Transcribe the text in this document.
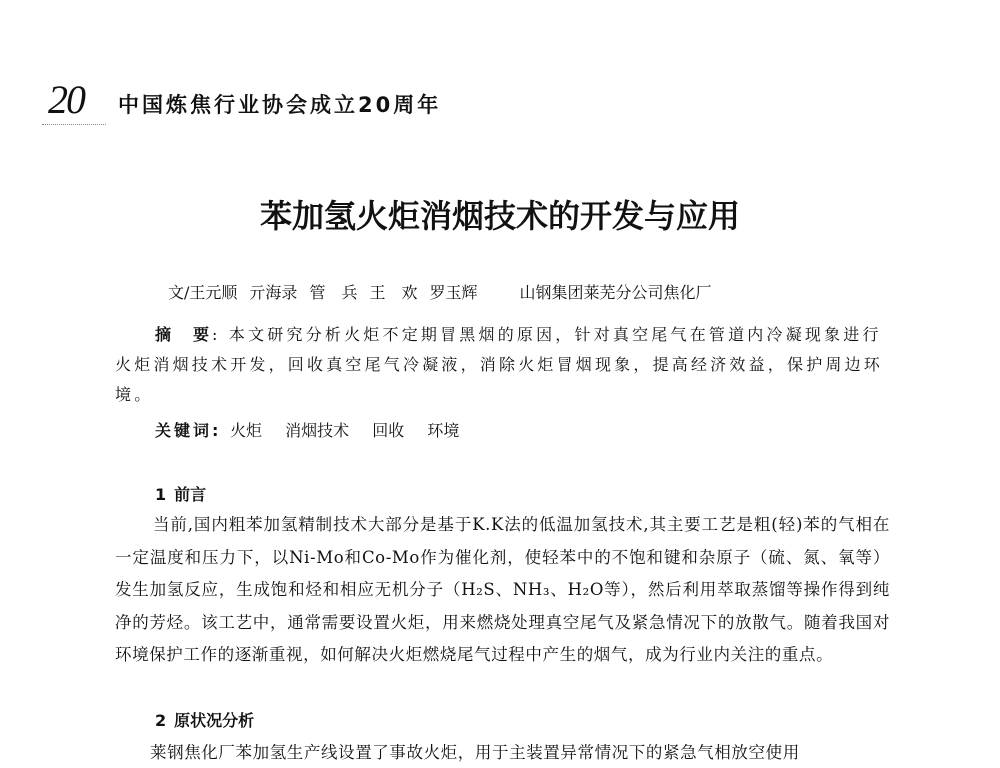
20 中国炼焦行业协会成立20周年
苯加氢火炬消烟技术的开发与应用
文/王元顺 亓海录 管　兵 王　欢 罗玉辉	山钢集团莱芜分公司焦化厂

摘　要: 本文研究分析火炬不定期冒黑烟的原因，针对真空尾气在管道内冷凝现象进行火炬消烟技术开发，回收真空尾气冷凝液，消除火炬冒烟现象，提高经济效益，保护周边环境。

关键词: 火炬 消烟技术 回收 环境
1 前言

当前,国内粗苯加氢精制技术大部分是基于K.K法的低温加氢技术,其主要工艺是粗(轻)苯的气相在一定温度和压力下，以Ni-Mo和Co-Mo作为催化剂，使轻苯中的不饱和键和杂原子（硫、氮、氧等）发生加氢反应，生成饱和烃和相应无机分子（H₂S、NH₃、H₂O等），然后利用萃取蒸馏等操作得到纯净的芳烃。该工艺中，通常需要设置火炬，用来燃烧处理真空尾气及紧急情况下的放散气。随着我国对环境保护工作的逐渐重视，如何解决火炬燃烧尾气过程中产生的烟气，成为行业内关注的重点。

2 原状况分析
莱钢焦化厂苯加氢生产线设置了事故火炬，用于主装置异常情况下的紧急气相放空使用
